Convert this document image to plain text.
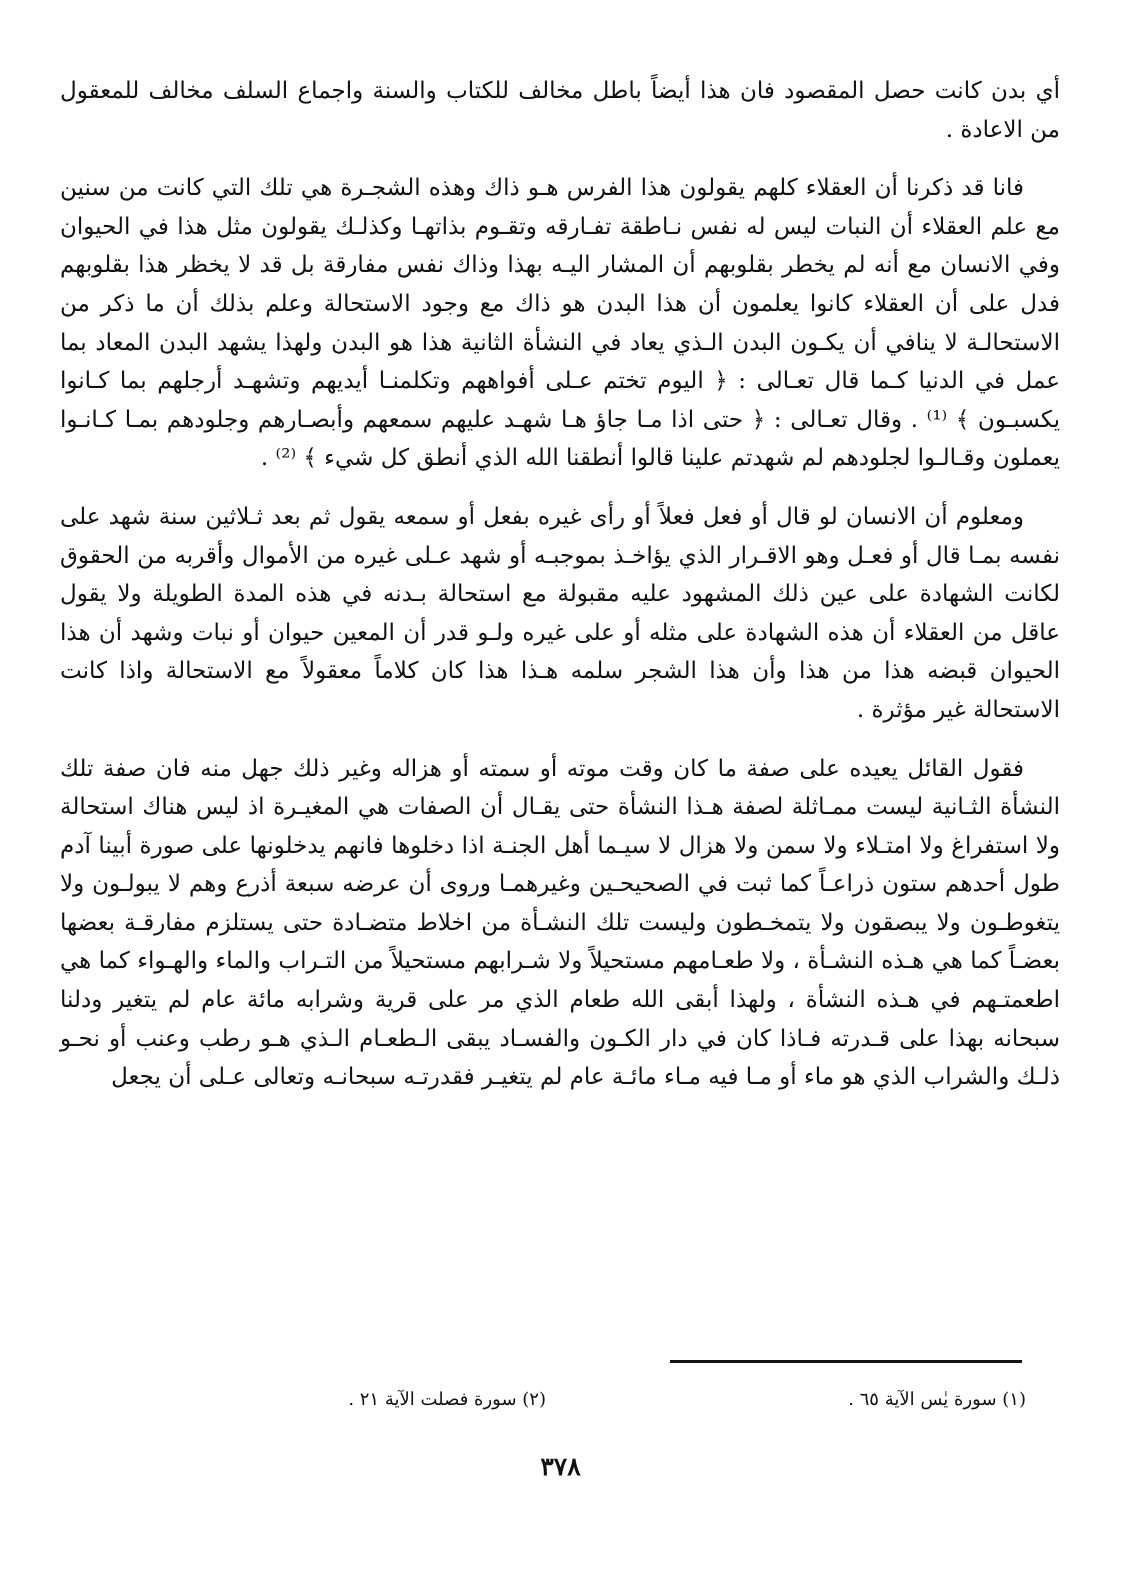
أي بدن كانت حصل المقصود فان هذا أيضاً باطل مخالف للكتاب والسنة واجماع السلف مخالف للمعقول من الاعادة .

فانا قد ذكرنا أن العقلاء كلهم يقولون هذا الفرس هـو ذاك وهذه الشجـرة هي تلك التي كانت من سنين مع علم العقلاء أن النبات ليس له نفس نـاطقة تفـارقه وتقـوم بذاتهـا وكذلـك يقولون مثل هذا في الحيوان وفي الانسان مع أنه لم يخطر بقلوبهم أن المشار اليـه بهذا وذاك نفس مفارقة بل قد لا يخظر هذا بقلوبهم فدل على أن العقلاء كانوا يعلمون أن هذا البدن هو ذاك مع وجود الاستحالة وعلم بذلك أن ما ذكر من الاستحالـة لا ينافي أن يكـون البدن الـذي يعاد في النشأة الثانية هذا هو البدن ولهذا يشهد البدن المعاد بما عمل في الدنيا كـما قال تعـالى : ﴿ اليوم تختم عـلى أفواههم وتكلمنـا أيديهم وتشهـد أرجلهم بما كـانوا يكسبـون ﴾ ⁽¹⁾ . وقال تعـالى : ﴿ حتى اذا مـا جاؤ هـا شهـد عليهم سمعهم وأبصـارهم وجلودهم بمـا كـانـوا يعملون وقـالـوا لجلودهم لم شهدتم علينا قالوا أنطقنا الله الذي أنطق كل شيء ﴾ ⁽²⁾ .

ومعلوم أن الانسان لو قال أو فعل فعلاً أو رأى غيره بفعل أو سمعه يقول ثم بعد ثـلاثين سنة شهد على نفسه بمـا قال أو فعـل وهو الاقـرار الذي يؤاخـذ بموجبـه أو شهد عـلى غيره من الأموال وأقربه من الحقوق لكانت الشهادة على عين ذلك المشهود عليه مقبولة مع استحالة بـدنه في هذه المدة الطويلة ولا يقول عاقل من العقلاء أن هذه الشهادة على مثله أو على غيره ولـو قدر أن المعين حيوان أو نبات وشهد أن هذا الحيوان قبضه هذا من هذا وأن هذا الشجر سلمه هـذا هذا كان كلاماً معقولاً مع الاستحالة واذا كانت الاستحالة غير مؤثرة .

فقول القائل يعيده على صفة ما كان وقت موته أو سمته أو هزاله وغير ذلك جهل منه فان صفة تلك النشأة الثـانية ليست ممـاثلة لصفة هـذا النشأة حتى يقـال أن الصفات هي المغيـرة اذ ليس هناك استحالة ولا استفراغ ولا امتـلاء ولا سمن ولا هزال لا سيـما أهل الجنـة اذا دخلوها فانهم يدخلونها على صورة أبينا آدم طول أحدهم ستون ذراعـاً كما ثبت في الصحيحـين وغيرهمـا وروى أن عرضه سبعة أذرع وهم لا يبولـون ولا يتغوطـون ولا يبصقون ولا يتمخـطون وليست تلك النشـأة من اخلاط متضـادة حتى يستلزم مفارقـة بعضها بعضـاً كما هي هـذه النشـأة ، ولا طعـامهم مستحيلاً ولا شـرابهم مستحيلاً من التـراب والماء والهـواء كما هي اطعمتـهم في هـذه النشأة ، ولهذا أبقى الله طعام الذي مر على قرية وشرابه مائة عام لم يتغير ودلنا سبحانه بهذا على قـدرته فـاذا كان في دار الكـون والفسـاد يبقى الـطعـام الـذي هـو رطب وعنب أو نحـو ذلـك والشراب الذي هو ماء أو مـا فيه مـاء مائـة عام لم يتغيـر فقدرتـه سبحانـه وتعالى عـلى أن يجعل

(١) سورة يٰس الآية ٦٥ .
(٢) سورة فصلت الآية ٢١ .
٣٧٨
